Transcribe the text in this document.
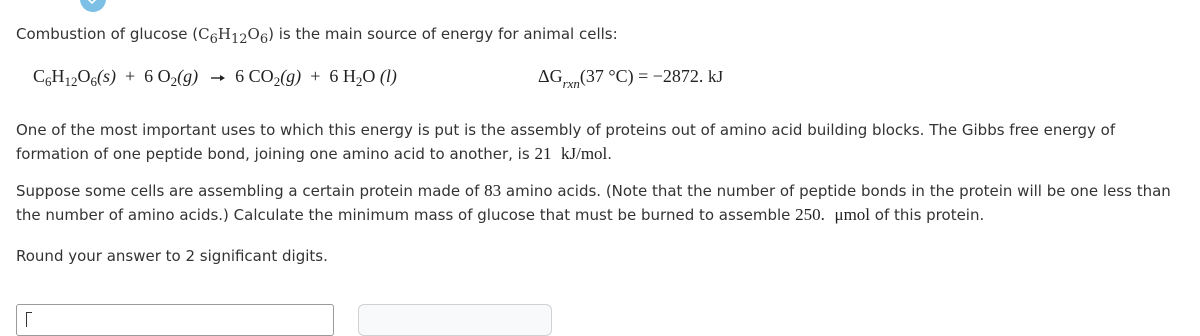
Combustion of glucose $(C_6H_{12}O_6)$ is the main source of energy for animal cells:
$C_6H_{12}O_6(s) + 6$ $O_2(g) \to 6$ $CO_2(g) + 6$ $H_2O$ (l)	$\Delta G_{rxn}(37$ °C) = −2872. kJ
One of the most important uses to which this energy is put is the assembly of proteins out of amino acid building blocks. The Gibbs free energy of formation of one peptide bond, joining one amino acid to another, is 21 kJ/mol.
Suppose some cells are assembling a certain protein made of 83 amino acids. (Note that the number of peptide bonds in the protein will be one less than the number of amino acids.) Calculate the minimum mass of glucose that must be burned to assemble 250. μmol of this protein.
Round your answer to 2 significant digits.
